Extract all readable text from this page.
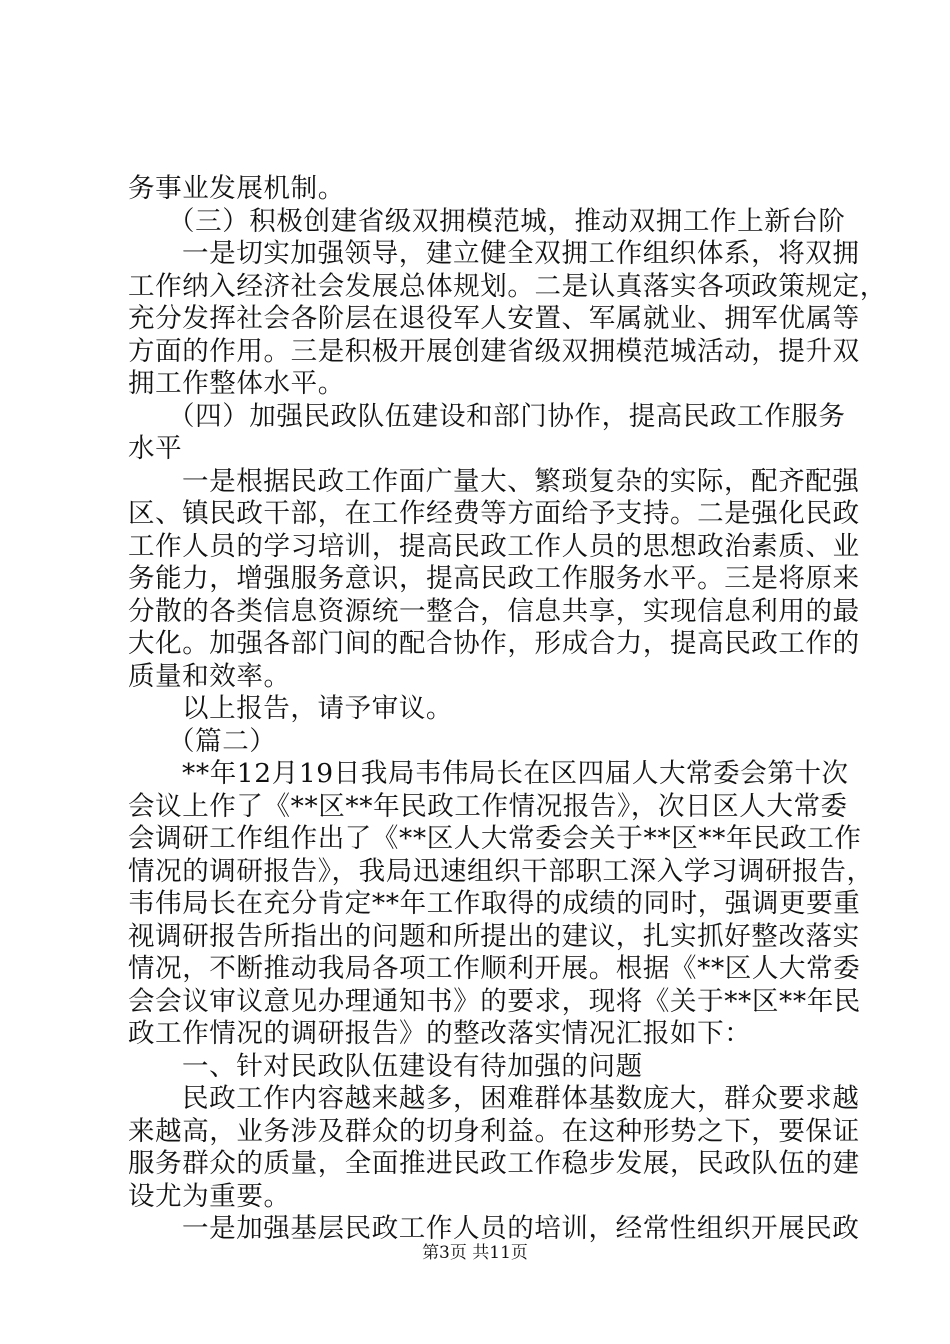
务事业发展机制。
（三）积极创建省级双拥模范城，推动双拥工作上新台阶
一是切实加强领导，建立健全双拥工作组织体系，将双拥
工作纳入经济社会发展总体规划。二是认真落实各项政策规定，
充分发挥社会各阶层在退役军人安置、军属就业、拥军优属等
方面的作用。三是积极开展创建省级双拥模范城活动，提升双
拥工作整体水平。
（四）加强民政队伍建设和部门协作，提高民政工作服务
水平
一是根据民政工作面广量大、繁琐复杂的实际，配齐配强
区、镇民政干部，在工作经费等方面给予支持。二是强化民政
工作人员的学习培训，提高民政工作人员的思想政治素质、业
务能力，增强服务意识，提高民政工作服务水平。三是将原来
分散的各类信息资源统一整合，信息共享，实现信息利用的最
大化。加强各部门间的配合协作，形成合力，提高民政工作的
质量和效率。
以上报告，请予审议。
（篇二）
**年12月19日我局韦伟局长在区四届人大常委会第十次
会议上作了《**区**年民政工作情况报告》，次日区人大常委
会调研工作组作出了《**区人大常委会关于**区**年民政工作
情况的调研报告》，我局迅速组织干部职工深入学习调研报告，
韦伟局长在充分肯定**年工作取得的成绩的同时，强调更要重
视调研报告所指出的问题和所提出的建议，扎实抓好整改落实
情况，不断推动我局各项工作顺利开展。根据《**区人大常委
会会议审议意见办理通知书》的要求，现将《关于**区**年民
政工作情况的调研报告》的整改落实情况汇报如下：
一、针对民政队伍建设有待加强的问题
民政工作内容越来越多，困难群体基数庞大，群众要求越
来越高，业务涉及群众的切身利益。在这种形势之下，要保证
服务群众的质量，全面推进民政工作稳步发展，民政队伍的建
设尤为重要。
一是加强基层民政工作人员的培训，经常性组织开展民政
第3页 共11页
